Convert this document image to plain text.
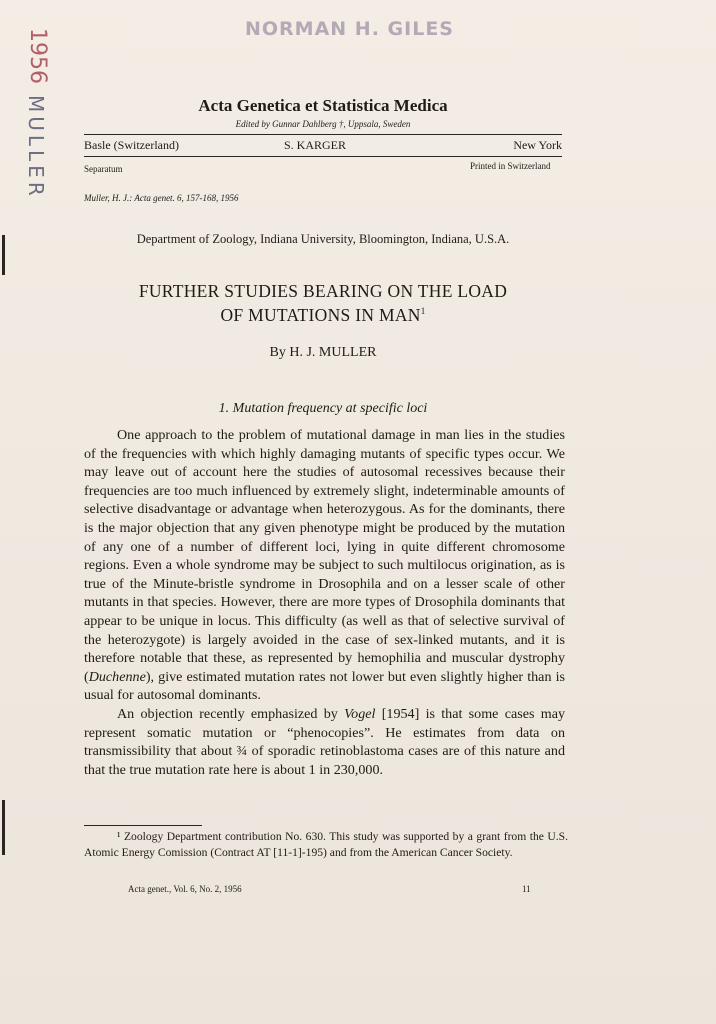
NORMAN H. GILES
1956
MULLER	Acta Genetica et Statistica Medica
Edited by Gunnar Dahlberg †, Uppsala, Sweden
Basle (Switzerland)	S. KARGER	New York
Separatum	Printed in Switzerland
Muller, H. J.: Acta genet. 6, 157-168, 1956
Department of Zoology, Indiana University, Bloomington, Indiana, U.S.A.
FURTHER STUDIES BEARING ON THE LOAD
OF MUTATIONS IN MAN$^1$
By H. J. MULLER
1. Mutation frequency at specific loci

One approach to the problem of mutational damage in man lies in the studies of the frequencies with which highly damaging mutants of specific types occur. We may leave out of account here the studies of autosomal recessives because their frequencies are too much influenced by extremely slight, indeterminable amounts of selective disadvantage or advantage when heterozygous. As for the dominants, there is the major objection that any given phenotype might be produced by the mutation of any one of a number of different loci, lying in quite different chromosome regions. Even a whole syndrome may be subject to such multilocus origination, as is true of the Minute-bristle syndrome in Drosophila and on a lesser scale of other mutants in that species. However, there are more types of Drosophila dominants that appear to be unique in locus. This difficulty (as well as that of selective survival of the heterozygote) is largely avoided in the case of sex-linked mutants, and it is therefore notable that these, as represented by hemophilia and muscular dystrophy (Duchenne), give estimated mutation rates not lower but even slightly higher than is usual for autosomal dominants.

An objection recently emphasized by Vogel [1954] is that some cases may represent somatic mutation or “phenocopies”. He estimates from data on transmissibility that about ¾ of sporadic retinoblastoma cases are of this nature and that the true mutation rate here is about 1 in 230,000.

¹ Zoology Department contribution No. 630. This study was supported by a grant from the U.S. Atomic Energy Comission (Contract AT [11-1]-195) and from the American Cancer Society.

Acta genet., Vol. 6, No. 2, 1956	11
